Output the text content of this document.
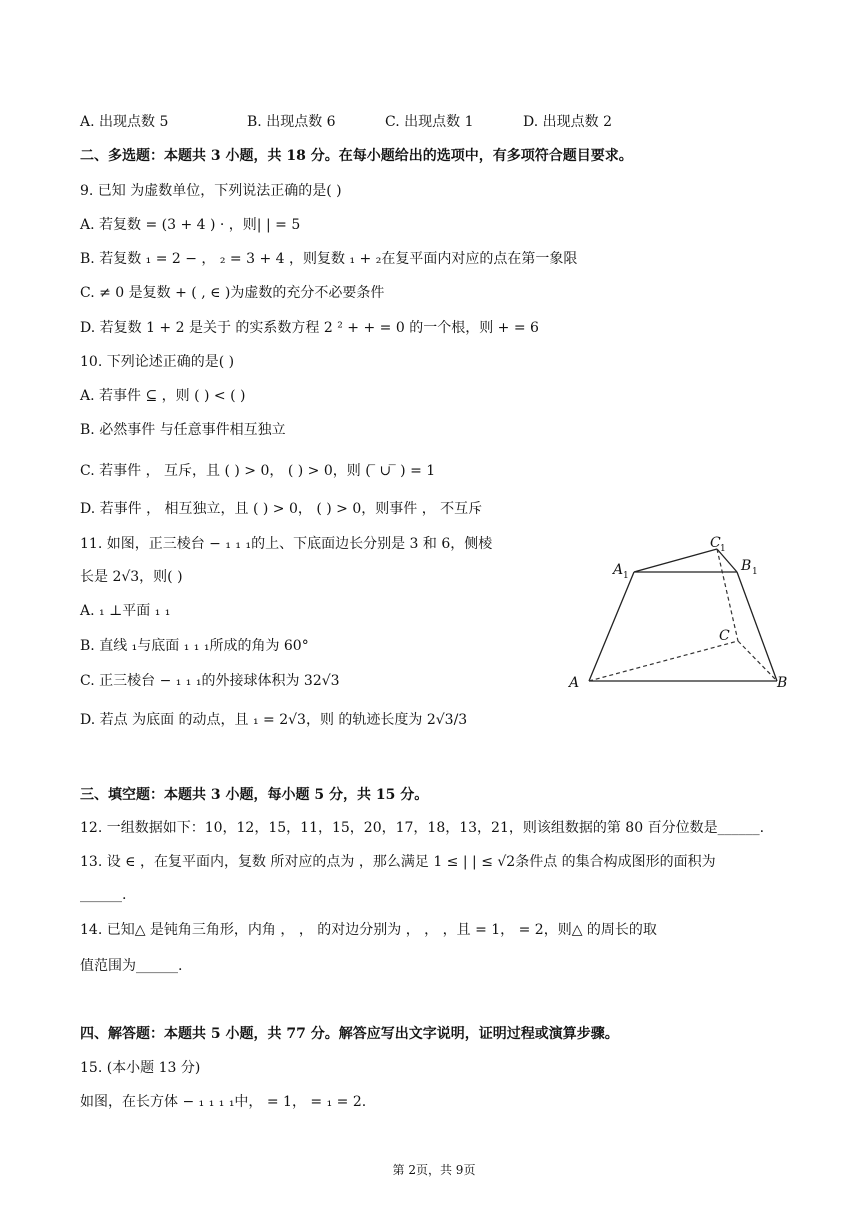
A. 出现点数 5	B. 出现点数 6	C. 出现点数 1	D. 出现点数 2
二、多选题：本题共 3 小题，共 18 分。在每小题给出的选项中，有多项符合题目要求。
9. 已知 为虚数单位，下列说法正确的是( )
A. 若复数 = (3 + 4 ) · ，则| | = 5
B. 若复数 ₁ = 2 − ， ₂ = 3 + 4 ，则复数 ₁ + ₂在复平面内对应的点在第一象限
C. ≠ 0 是复数 + ( , ∈ )为虚数的充分不必要条件
D. 若复数 1 + 2 是关于 的实系数方程 2 ² + + = 0 的一个根，则 + = 6
10. 下列论述正确的是( )
A. 若事件 ⊆ ，则 ( ) < ( )
B. 必然事件 与任意事件相互独立
C. 若事件 ， 互斥，且 ( ) > 0， ( ) > 0，则 ( ̅ ∪ ̅ ) = 1
D. 若事件 ， 相互独立，且 ( ) > 0， ( ) > 0，则事件 ， 不互斥
11. 如图，正三棱台 − ₁ ₁ ₁的上、下底面边长分别是 3 和 6，侧棱
长是 2√3，则( )
A. ₁ ⊥平面 ₁ ₁
B. 直线 ₁与底面 ₁ ₁ ₁所成的角为 60°
C. 正三棱台 − ₁ ₁ ₁的外接球体积为 32√3
D. 若点 为底面 的动点，且 ₁ = 2√3，则 的轨迹长度为 2√3/3
A	B
C
A 1
B 1
C 1
三、填空题：本题共 3 小题，每小题 5 分，共 15 分。
12. 一组数据如下：10，12，15，11，15，20，17，18，13，21，则该组数据的第 80 百分位数是______.
13. 设 ∈ ，在复平面内，复数 所对应的点为 ，那么满足 1 ≤ | | ≤ √2条件点 的集合构成图形的面积为
______.
14. 已知△ 是钝角三角形，内角 ， ， 的对边分别为 ， ， ，且 = 1， = 2，则△ 的周长的取
值范围为______.
四、解答题：本题共 5 小题，共 77 分。解答应写出文字说明，证明过程或演算步骤。
15. (本小题 13 分)
如图，在长方体 − ₁ ₁ ₁ ₁中， = 1， = ₁ = 2.
第 2页，共 9页
